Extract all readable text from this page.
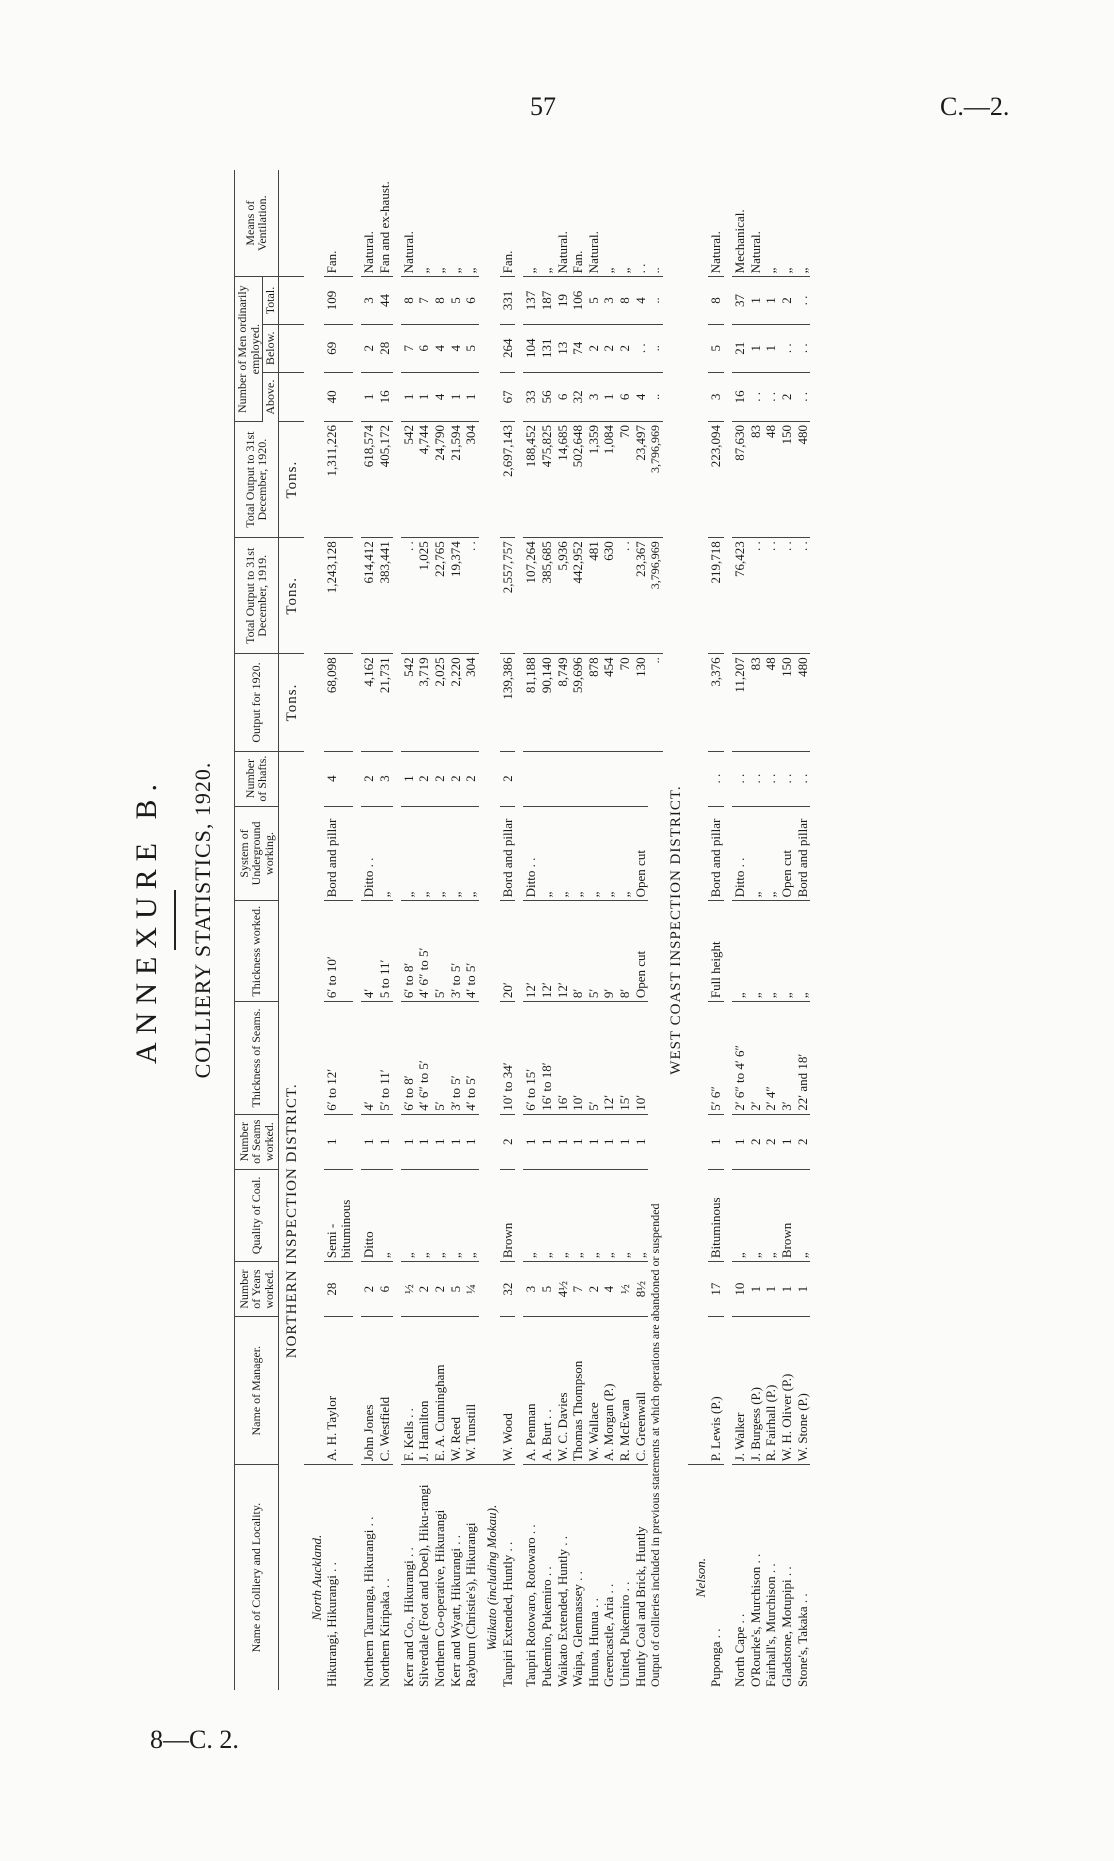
57	C.—2.
8—C. 2.
ANNEXURE B. COLLIERY STATISTICS, 1920.
Name of Colliery and Locality.	Name of Manager.	Number of Years worked.	Quality of Coal.	Number of Seams worked.	Thickness of Seams.	Thickness worked.	System of Underground working.	Number of Shafts.	Output for 1920.	Total Output to 31st December, 1919.	Total Output to 31st December, 1920.	Number of Men ordinarily employed.			Means of Ventilation.
												Above.	Below.	Total.	
NORTHERN INSPECTION DISTRICT.									Tons.	Tons.	Tons.				
North Auckland.															
Hikurangi, Hikurangi . .	A. H. Taylor	28	Semi - bituminous	1	6′ to 12′	6′ to 10′	Bord and pillar	4	68,098	1,243,128	1,311,226	40	69	109	Fan.

Northern Tauranga, Hikurangi . .	John Jones	2	Ditto	1	4′	4′	Ditto . .	2	4,162	614,412	618,574	1	2	3	Natural.
Northern Kiripaka . .	C. Westfield	6	„	1	5′ to 11′	5 to 11′	„	3	21,731	383,441	405,172	16	28	44	Fan and ex-haust.

Kerr and Co., Hikurangi . .	F. Kells . .	½	„	1	6′ to 8′	6′ to 8′	„	1	542	. .	542	1	7	8	Natural.
Silverdale (Foot and Doel), Hiku-rangi	J. Hamilton	2	„	1	4′ 6″ to 5′	4′ 6″ to 5′	„	2	3,719	1,025	4,744	1	6	7	„
Northern Co-operative, Hikurangi	E. A. Cunningham	2	„	1	5′	5′	„	2	2,025	22,765	24,790	4	4	8	„
Kerr and Wyatt, Hikurangi . .	W. Reed	5	„	1	3′ to 5′	3′ to 5′	„	2	2,220	19,374	21,594	1	4	5	„
Rayburn (Christie's), Hikurangi	W. Tunstill	¼	„	1	4′ to 5′	4′ to 5′	„	2	304	. .	304	1	5	6	„
Waikato (including Mokau).															
Taupiri Extended, Huntly . .	W. Wood	32	Brown	2	10′ to 34′	20′	Bord and pillar	2	139,386	2,557,757	2,697,143	67	264	331	Fan.

Taupiri Rotowaro, Rotowaro . .	A. Penman	3	„	1	6′ to 15′	12′	Ditto . .		81,188	107,264	188,452	33	104	137	„
Pukemiro, Pukemiro . .	A. Burt . .	5	„	1	16′ to 18′	12′	„		90,140	385,685	475,825	56	131	187	„
Waikato Extended, Huntly . .	W. C. Davies	4½	„	1	16′	12′	„		8,749	5,936	14,685	6	13	19	Natural.
Waipa, Glenmassey . .	Thomas Thompson	7	„	1	10′	8′	„		59,696	442,952	502,648	32	74	106	Fan.
Hunua, Hunua . .	W. Wallace	2	„	1	5′	5′	„		878	481	1,359	3	2	5	Natural.
Greencastle, Aria . .	A. Morgan (P.)	4	„	1	12′	9′	„		454	630	1,084	1	2	3	„
United, Pukemiro . .	R. McEwan	½	„	1	15′	8′	„		70	. .	70	6	2	8	„
Huntly Coal and Brick, Huntly	C. Greenwall	8½	„	1	10′	Open cut	Open cut		130	23,367	23,497	4	. .	4	. .
Output of collieries included in previous statements at which operations are abandoned or suspended									..	3,796,969	3,796,969	..	..	..	..
WEST COAST INSPECTION DISTRICT.															
Nelson.															
Puponga . .	P. Lewis (P.)	17	Bituminous	1	5′ 6″	Full height	Bord and pillar	. .	3,376	219,718	223,094	3	5	8	Natural.

North Cape . .	J. Walker	10	„	1	2′ 6″ to 4′ 6″	„	Ditto . .	. .	11,207	76,423	87,630	16	21	37	Mechanical.
O'Rourke's, Murchison . .	J. Burgess (P.)	1	„	2	2′	„	„	. .	83	. .	83	. .	1	1	Natural.
Fairhall's, Murchison . .	R. Fairhall (P.)	1	„	2	2′ 4″	„	„	. .	48	. .	48	. .	1	1	„
Gladstone, Motupipi . .	W. H. Oliver (P.)	1	Brown	1	3′	„	Open cut	. .	150	. .	150	2	. .	2	„
Stone's, Takaka . .	W. Stone (P.)	1	„	2	22′ and 18′	„	Bord and pillar	. .	480	. .	480	. .	. .	. .	„
